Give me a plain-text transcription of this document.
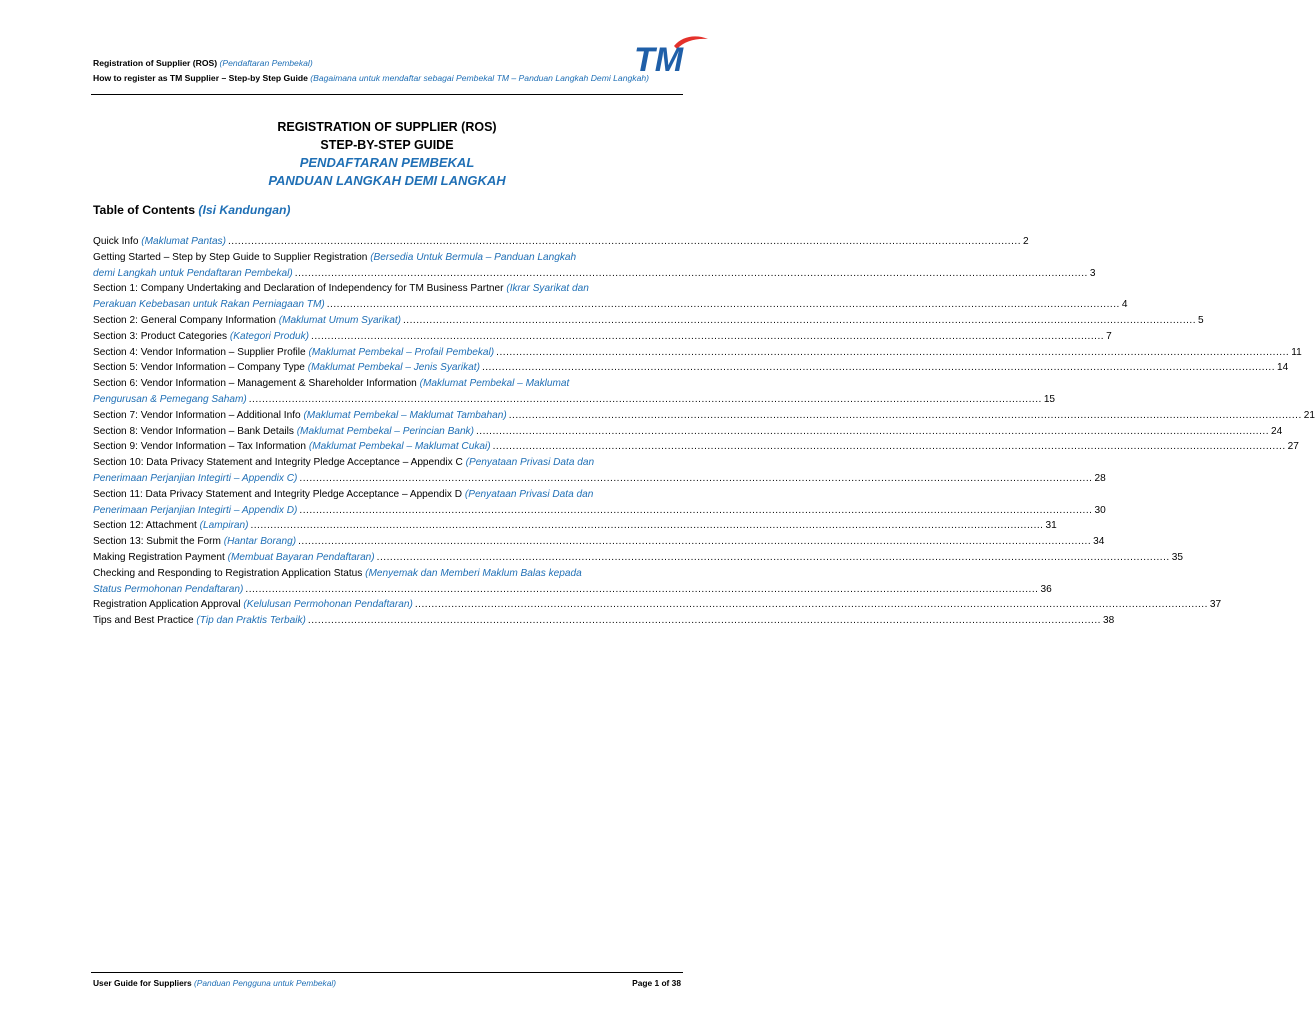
Registration of Supplier (ROS) (Pendaftaran Pembekal)
How to register as TM Supplier – Step-by Step Guide (Bagaimana untuk mendaftar sebagai Pembekal TM – Panduan Langkah Demi Langkah)
TM
REGISTRATION OF SUPPLIER (ROS)
STEP-BY-STEP GUIDE
PENDAFTARAN PEMBEKAL
PANDUAN LANGKAH DEMI LANGKAH
Table of Contents (Isi Kandungan)
Quick Info (Maklumat Pantas) .....	2
Getting Started – Step by Step Guide to Supplier Registration (Bersedia Untuk Bermula – Panduan Langkah
demi Langkah untuk Pendaftaran Pembekal) .....	3
Section 1: Company Undertaking and Declaration of Independency for TM Business Partner (Ikrar Syarikat dan
Perakuan Kebebasan untuk Rakan Perniagaan TM) .....	4
Section 2: General Company Information (Maklumat Umum Syarikat) .....	5
Section 3: Product Categories (Kategori Produk) .....	7
Section 4: Vendor Information – Supplier Profile (Maklumat Pembekal – Profail Pembekal) .....	11
Section 5: Vendor Information – Company Type (Maklumat Pembekal – Jenis Syarikat) .....	14
Section 6: Vendor Information – Management & Shareholder Information (Maklumat Pembekal – Maklumat
Pengurusan & Pemegang Saham) .....	15
Section 7: Vendor Information – Additional Info (Maklumat Pembekal – Maklumat Tambahan) .....	21
Section 8: Vendor Information – Bank Details (Maklumat Pembekal – Perincian Bank) .....	24
Section 9: Vendor Information – Tax Information (Maklumat Pembekal – Maklumat Cukai) .....	27
Section 10: Data Privacy Statement and Integrity Pledge Acceptance – Appendix C (Penyataan Privasi Data dan
Penerimaan Perjanjian Integirti – Appendix C) .....	28
Section 11: Data Privacy Statement and Integrity Pledge Acceptance – Appendix D (Penyataan Privasi Data dan
Penerimaan Perjanjian Integirti – Appendix D) .....	30
Section 12: Attachment (Lampiran) .....	31
Section 13: Submit the Form (Hantar Borang) .....	34
Making Registration Payment (Membuat Bayaran Pendaftaran) .....	35
Checking and Responding to Registration Application Status (Menyemak dan Memberi Maklum Balas kepada
Status Permohonan Pendaftaran) .....	36
Registration Application Approval (Kelulusan Permohonan Pendaftaran) .....	37
Tips and Best Practice (Tip dan Praktis Terbaik) .....	38
User Guide for Suppliers (Panduan Pengguna untuk Pembekal)	Page 1 of 38
